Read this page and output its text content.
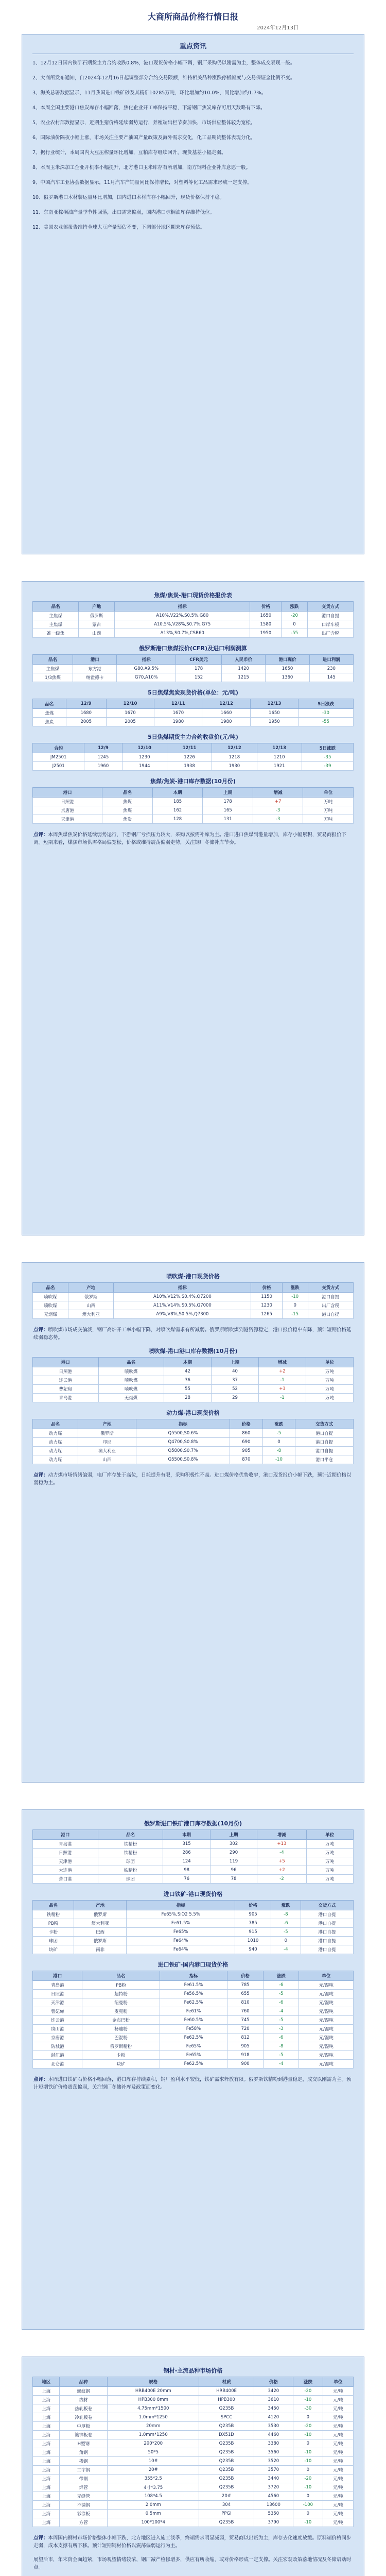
大商所商品价格行情日报
2024年12月13日
重点资讯
1、12月12日国内铁矿石期货主力合约收跌0.8%，港口现货价格小幅下调，钢厂采购仍以刚需为主，整体成交表现一般。
2、大商所发布通知，自2024年12月16日起调整部分合约交易限额，维持相关品种涨跌停板幅度与交易保证金比例不变。
3、海关总署数据显示，11月我国进口铁矿砂及其精矿10285万吨，环比增加约10.0%，同比增加约1.7%。
4、本周全国主要港口焦炭库存小幅回落，焦化企业开工率保持平稳，下游钢厂焦炭库存可用天数略有下降。
5、农业农村部数据显示，近期生猪价格延续弱势运行，养殖端出栏节奏加快，市场供应整体较为宽松。
6、国际油价隔夜小幅上涨，市场关注主要产油国产量政策及海外需求变化，化工品期货整体表现分化。
7、据行业统计，本周国内大豆压榨量环比增加，豆粕库存继续回升，现货基差小幅走弱。
8、本周玉米深加工企业开机率小幅提升，北方港口玉米库存有所增加，南方饲料企业补库意愿一般。
9、中国汽车工业协会数据显示，11月汽车产销量同比保持增长，对塑料等化工品需求形成一定支撑。
10、俄罗斯港口木材装运量环比增加，国内进口木材库存小幅回升，现货价格保持平稳。
11、东南亚棕榈油产量季节性回落，出口需求偏弱，国内港口棕榈油库存维持低位。
12、美国农业部报告维持全球大豆产量预估不变，下调部分地区期末库存预估。
焦煤/焦炭-港口现货价格报价表
品名	产地	指标	价格	涨跌	交货方式
主焦煤	俄罗斯	A10%,V22%,S0.5%,G80	1650	-20	港口自提
主焦煤	蒙古	A10.5%,V28%,S0.7%,G75	1580	0	口岸车板
准一级焦	山西	A13%,S0.7%,CSR60	1950	-55	出厂含税
俄罗斯港口焦煤报价(CFR)及进口利润测算
品名	港口	指标	CFR美元	人民币价	港口现价	进口利润
主焦煤	东方港	G80,A9.5%	178	1420	1650	230
1/3焦煤	纳霍德卡	G70,A10%	152	1215	1360	145
5日焦煤焦炭现货价格(单位：元/吨)
品名	12/9	12/10	12/11	12/12	12/13	5日涨跌
焦煤	1680	1670	1670	1660	1650	-30
焦炭	2005	2005	1980	1980	1950	-55
5日焦煤期货主力合约收盘价(元/吨)
合约	12/9	12/10	12/11	12/12	12/13	5日涨跌
JM2501	1245	1230	1226	1218	1210	-35
J2501	1960	1944	1938	1930	1921	-39
焦煤/焦炭-港口库存数据(10月份)
港口	品名	本期	上期	增减	单位
日照港	焦煤	185	178	+7	万吨
京唐港	焦煤	162	165	-3	万吨
天津港	焦炭	128	131	-3	万吨
点评：本周焦煤焦炭价格延续弱势运行，下游钢厂亏损压力较大，采购以按需补库为主。港口进口焦煤到港量增加，库存小幅累积，贸易商报价下调。短期来看，煤焦市场供需格局偏宽松，价格或维持震荡偏弱走势，关注钢厂冬储补库节奏。
喷吹煤-港口现货价格
品名	产地	指标	价格	涨跌	交货方式
喷吹煤	俄罗斯	A10%,V12%,S0.4%,Q7200	1150	-10	港口自提
喷吹煤	山西	A11%,V14%,S0.5%,Q7000	1230	0	出厂含税
无烟煤	澳大利亚	A9%,V8%,S0.5%,Q7300	1265	-15	港口自提
点评：喷吹煤市场成交偏淡，钢厂高炉开工率小幅下降，对喷吹煤需求有所减弱。俄罗斯喷吹煤到港资源稳定，港口报价稳中有降，预计短期价格延续弱稳态势。
喷吹煤-港口港口库存数据(10月份)
港口	品名	本期	上期	增减	单位
日照港	喷吹煤	42	40	+2	万吨
连云港	喷吹煤	36	37	-1	万吨
曹妃甸	喷吹煤	55	52	+3	万吨
青岛港	无烟煤	28	29	-1	万吨
动力煤-港口现货价格
品名	产地	指标	价格	涨跌	交货方式
动力煤	俄罗斯	Q5500,S0.6%	860	-5	港口自提
动力煤	印尼	Q4700,S0.8%	690	0	港口自提
动力煤	澳大利亚	Q5800,S0.7%	905	-8	港口自提
动力煤	山西	Q5500,S0.8%	870	-10	港口平仓
点评：动力煤市场情绪偏弱，电厂库存处于高位，日耗提升有限，采购积极性不高。进口煤价格优势收窄，港口现货报价小幅下跌，预计近期价格以弱稳为主。
俄罗斯进口铁矿港口库存数据(10月份)
港口	品名	本期	上期	增减	单位
青岛港	铁精粉	315	302	+13	万吨
日照港	铁精粉	286	290	-4	万吨
天津港	球团	124	119	+5	万吨
大连港	铁精粉	98	96	+2	万吨
营口港	球团	76	78	-2	万吨
进口铁矿-港口现货价格
品名	产地	指标	价格	涨跌	交货方式
铁精粉	俄罗斯	Fe65%,SiO2 5.5%	905	-8	港口自提
PB粉	澳大利亚	Fe61.5%	785	-6	港口自提
卡粉	巴西	Fe65%	915	-5	港口自提
球团	俄罗斯	Fe64%	1010	0	港口自提
块矿	南非	Fe64%	940	-4	港口自提
进口铁矿-国内港口现货价格
港口	品名	指标	价格	涨跌	单位
青岛港	PB粉	Fe61.5%	785	-6	元/湿吨
日照港	超特粉	Fe56.5%	655	-5	元/湿吨
天津港	纽曼粉	Fe62.5%	810	-6	元/湿吨
曹妃甸	麦克粉	Fe61%	760	-4	元/湿吨
连云港	金布巴粉	Fe60.5%	745	-5	元/湿吨
岚山港	杨迪粉	Fe58%	720	-3	元/湿吨
京唐港	巴混粉	Fe62.5%	812	-6	元/湿吨
防城港	俄罗斯精粉	Fe65%	905	-8	元/湿吨
湛江港	卡粉	Fe65%	918	-5	元/湿吨
北仑港	块矿	Fe62.5%	900	-4	元/湿吨
点评：本周进口铁矿石价格小幅回落，港口库存持续累积，钢厂盈利水平较低，铁矿需求释放有限。俄罗斯铁精粉到港量稳定，成交以刚需为主。预计短期铁矿价格震荡偏弱，关注钢厂冬储补库及政策面变化。
钢材-主流品种市场价格
地区	品种	规格	材质	价格	涨跌	单位
上海	螺纹钢	HRB400E 20mm	HRB400E	3420	-20	元/吨
上海	线材	HPB300 8mm	HPB300	3610	-10	元/吨
上海	热轧板卷	4.75mm*1500	Q235B	3450	-30	元/吨
上海	冷轧板卷	1.0mm*1250	SPCC	4120	0	元/吨
上海	中厚板	20mm	Q235B	3530	-20	元/吨
上海	镀锌板卷	1.0mm*1250	DX51D	4460	-10	元/吨
上海	H型钢	200*200	Q235B	3380	0	元/吨
上海	角钢	50*5	Q235B	3560	-10	元/吨
上海	槽钢	10#	Q235B	3520	-10	元/吨
上海	工字钢	20#	Q235B	3570	0	元/吨
上海	带钢	355*2.5	Q235B	3440	-20	元/吨
上海	焊管	4寸*3.75	Q235B	3720	-10	元/吨
上海	无缝管	108*4.5	20#	4560	0	元/吨
上海	不锈钢	2.0mm	304	13600	-100	元/吨
上海	彩涂板	0.5mm	PPGI	5350	0	元/吨
上海	方管	100*100*4	Q235B	3790	-10	元/吨
点评：本周国内钢材市场价格整体小幅下跌，北方地区进入施工淡季，终端需求明显减弱，贸易商以出货为主，库存去化速度放缓。原料端价格同步走弱，成本支撑有所下移。预计短期钢材价格以震荡偏弱运行为主。
展望后市，年末资金面趋紧，市场观望情绪较浓，钢厂减产检修增多，供应有所收缩，或对价格形成一定支撑。关注宏观政策落地情况及冬储启动时点。
